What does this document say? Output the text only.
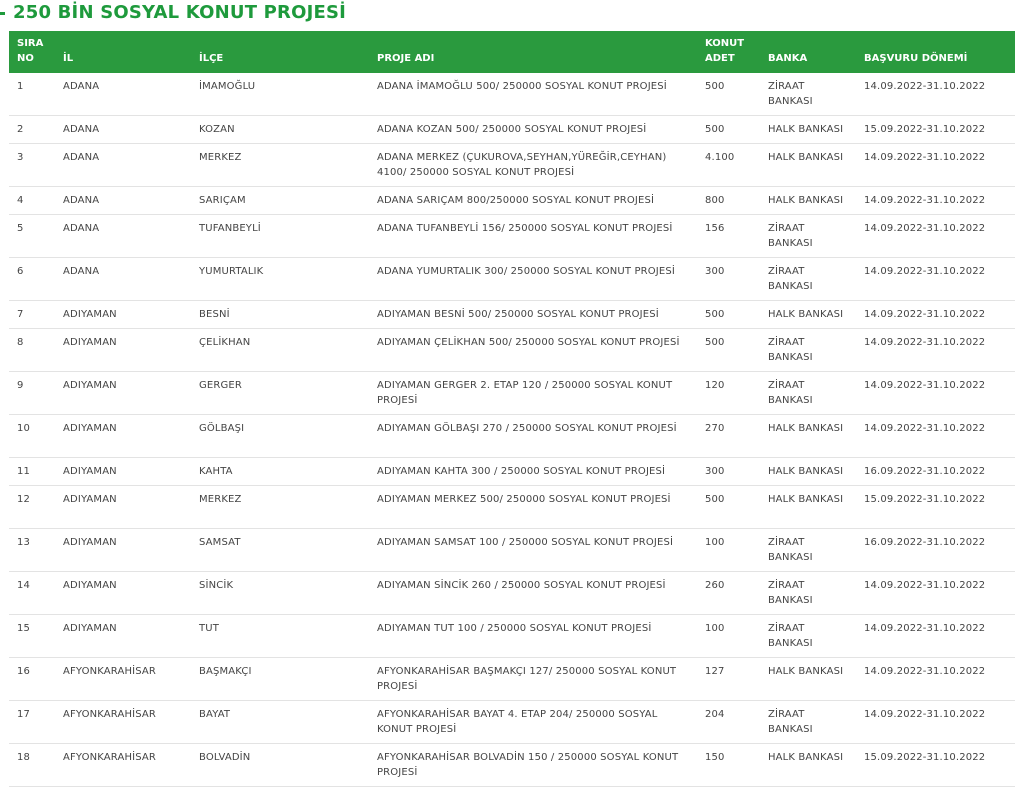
250 BİN SOSYAL KONUT PROJESİ
SIRA NO	İL	İLÇE	PROJE ADI	KONUT ADET	BANKA	BAŞVURU DÖNEMİ
1	ADANA	İMAMOĞLU	ADANA İMAMOĞLU 500/ 250000 SOSYAL KONUT PROJESİ	500	ZİRAAT BANKASI	14.09.2022-31.10.2022
2	ADANA	KOZAN	ADANA KOZAN 500/ 250000 SOSYAL KONUT PROJESİ	500	HALK BANKASI	15.09.2022-31.10.2022
3	ADANA	MERKEZ	ADANA MERKEZ (ÇUKUROVA,SEYHAN,YÜREĞİR,CEYHAN) 4100/ 250000 SOSYAL KONUT PROJESİ	4.100	HALK BANKASI	14.09.2022-31.10.2022
4	ADANA	SARIÇAM	ADANA SARIÇAM 800/250000 SOSYAL KONUT PROJESİ	800	HALK BANKASI	14.09.2022-31.10.2022
5	ADANA	TUFANBEYLİ	ADANA TUFANBEYLİ 156/ 250000 SOSYAL KONUT PROJESİ	156	ZİRAAT BANKASI	14.09.2022-31.10.2022
6	ADANA	YUMURTALIK	ADANA YUMURTALIK 300/ 250000 SOSYAL KONUT PROJESİ	300	ZİRAAT BANKASI	14.09.2022-31.10.2022
7	ADIYAMAN	BESNİ	ADIYAMAN BESNİ 500/ 250000 SOSYAL KONUT PROJESİ	500	HALK BANKASI	14.09.2022-31.10.2022
8	ADIYAMAN	ÇELİKHAN	ADIYAMAN ÇELİKHAN 500/ 250000 SOSYAL KONUT PROJESİ	500	ZİRAAT BANKASI	14.09.2022-31.10.2022
9	ADIYAMAN	GERGER	ADIYAMAN GERGER 2. ETAP 120 / 250000 SOSYAL KONUT PROJESİ	120	ZİRAAT BANKASI	14.09.2022-31.10.2022
10	ADIYAMAN	GÖLBAŞI	ADIYAMAN GÖLBAŞI 270 / 250000 SOSYAL KONUT PROJESİ	270	HALK BANKASI	14.09.2022-31.10.2022
11	ADIYAMAN	KAHTA	ADIYAMAN KAHTA 300 / 250000 SOSYAL KONUT PROJESİ	300	HALK BANKASI	16.09.2022-31.10.2022
12	ADIYAMAN	MERKEZ	ADIYAMAN MERKEZ 500/ 250000 SOSYAL KONUT PROJESİ	500	HALK BANKASI	15.09.2022-31.10.2022
13	ADIYAMAN	SAMSAT	ADIYAMAN SAMSAT 100 / 250000 SOSYAL KONUT PROJESİ	100	ZİRAAT BANKASI	16.09.2022-31.10.2022
14	ADIYAMAN	SİNCİK	ADIYAMAN SİNCİK 260 / 250000 SOSYAL KONUT PROJESİ	260	ZİRAAT BANKASI	14.09.2022-31.10.2022
15	ADIYAMAN	TUT	ADIYAMAN TUT 100 / 250000 SOSYAL KONUT PROJESİ	100	ZİRAAT BANKASI	14.09.2022-31.10.2022
16	AFYONKARAHİSAR	BAŞMAKÇI	AFYONKARAHİSAR BAŞMAKÇI 127/ 250000 SOSYAL KONUT PROJESİ	127	HALK BANKASI	14.09.2022-31.10.2022
17	AFYONKARAHİSAR	BAYAT	AFYONKARAHİSAR BAYAT 4. ETAP 204/ 250000 SOSYAL KONUT PROJESİ	204	ZİRAAT BANKASI	14.09.2022-31.10.2022
18	AFYONKARAHİSAR	BOLVADİN	AFYONKARAHİSAR BOLVADİN 150 / 250000 SOSYAL KONUT PROJESİ	150	HALK BANKASI	15.09.2022-31.10.2022
